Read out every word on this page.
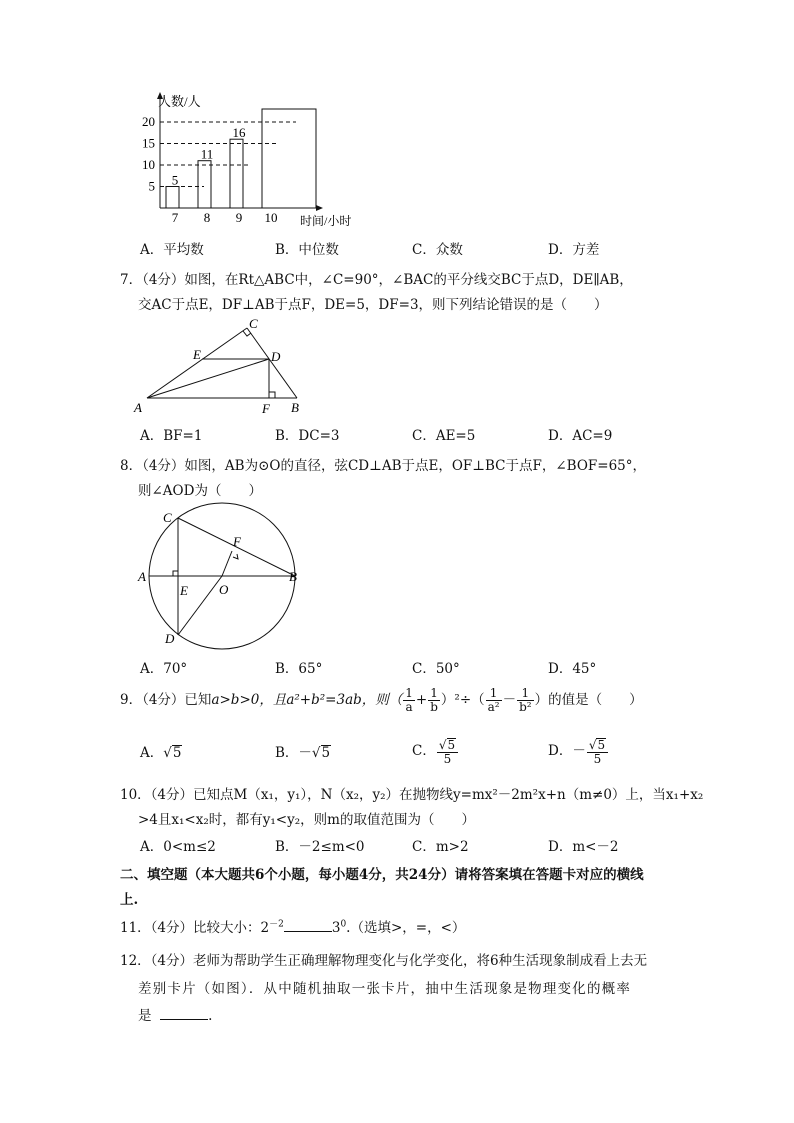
人数/人
时间/小时
5
10
15
20
7
5
8
11
9
16
10
A．平均数	B．中位数	C．众数	D．方差
7．（4分）如图，在Rt△ABC中，∠C=90°，∠BAC的平分线交BC于点D，DE∥AB，
交AC于点E，DF⊥AB于点F，DE=5，DF=3，则下列结论错误的是（　　）
A	B
C
D
E
F
A．BF=1	B．DC=3	C．AE=5	D．AC=9
8．（4分）如图，AB为⊙O的直径，弦CD⊥AB于点E，OF⊥BC于点F，∠BOF=65°，
则∠AOD为（　　）
A	B
C
D
E
F
O
A．70°	B．65°	C．50°	D．45°
9．（4分）已知a>b>0，且a²+b²=3ab，则（ $\frac{1}{a} + \frac{1}{b} )^2\div( \frac{1}{\text{a²}} - \frac{1}{\text{b²}}$ ）的值是（　　）
A．√5	B．－√5	C． $\frac{√5}{5}$	D．－ $\frac{√5}{5}$
10．（4分）已知点M（x₁，y₁），N（x₂，y₂）在抛物线y=mx²－2m²x+n（m≠0）上，当x₁+x₂
>4且x₁<x₂时，都有y₁<y₂，则m的取值范围为（　　）
A．0<m≤2	B．－2≤m<0	C．m>2	D．m<－2
二、填空题（本大题共6个小题，每小题4分，共24分）请将答案填在答题卡对应的横线
上.
11．（4分）比较大小：$2^{-2}$	$3^0$.（选填>，=，<）
12．（4分）老师为帮助学生正确理解物理变化与化学变化，将6种生活现象制成看上去无
差别卡片（如图）．从中随机抽取一张卡片，抽中生活现象是物理变化的概率
是	.
